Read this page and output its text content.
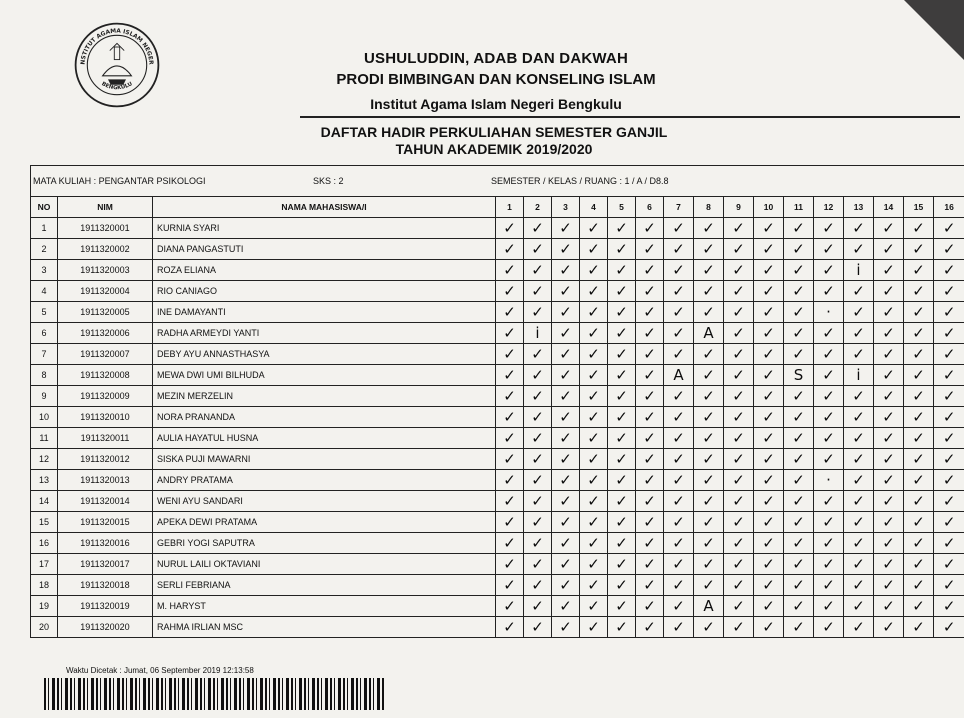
NSTITUT AGAMA ISLAM NEGER
BENGKULU
USHULUDDIN, ADAB DAN DAKWAH
PRODI BIMBINGAN DAN KONSELING ISLAM
Institut Agama Islam Negeri Bengkulu
DAFTAR HADIR PERKULIAHAN SEMESTER GANJIL
TAHUN AKADEMIK 2019/2020
MATA KULIAH : PENGANTAR PSIKOLOGI SKS : 2 SEMESTER / KELAS / RUANG : 1 / A / D8.8																		

NO	NIM	NAMA MAHASISWA/I	1	2	3	4	5	6	7	8	9	10	11	12	13	14	15	16
1	1911320001	KURNIA SYARI	✓	✓	✓	✓	✓	✓	✓	✓	✓	✓	✓	✓	✓	✓	✓	✓
2	1911320002	DIANA PANGASTUTI	✓	✓	✓	✓	✓	✓	✓	✓	✓	✓	✓	✓	✓	✓	✓	✓
3	1911320003	ROZA ELIANA	✓	✓	✓	✓	✓	✓	✓	✓	✓	✓	✓	✓	i	✓	✓	✓
4	1911320004	RIO CANIAGO	✓	✓	✓	✓	✓	✓	✓	✓	✓	✓	✓	✓	✓	✓	✓	✓
5	1911320005	INE DAMAYANTI	✓	✓	✓	✓	✓	✓	✓	✓	✓	✓	✓	·	✓	✓	✓	✓
6	1911320006	RADHA ARMEYDI YANTI	✓	i	✓	✓	✓	✓	✓	A	✓	✓	✓	✓	✓	✓	✓	✓
7	1911320007	DEBY AYU ANNASTHASYA	✓	✓	✓	✓	✓	✓	✓	✓	✓	✓	✓	✓	✓	✓	✓	✓
8	1911320008	MEWA DWI UMI BILHUDA	✓	✓	✓	✓	✓	✓	A	✓	✓	✓	S	✓	i	✓	✓	✓
9	1911320009	MEZIN MERZELIN	✓	✓	✓	✓	✓	✓	✓	✓	✓	✓	✓	✓	✓	✓	✓	✓
10	1911320010	NORA PRANANDA	✓	✓	✓	✓	✓	✓	✓	✓	✓	✓	✓	✓	✓	✓	✓	✓
11	1911320011	AULIA HAYATUL HUSNA	✓	✓	✓	✓	✓	✓	✓	✓	✓	✓	✓	✓	✓	✓	✓	✓
12	1911320012	SISKA PUJI MAWARNI	✓	✓	✓	✓	✓	✓	✓	✓	✓	✓	✓	✓	✓	✓	✓	✓
13	1911320013	ANDRY PRATAMA	✓	✓	✓	✓	✓	✓	✓	✓	✓	✓	✓	·	✓	✓	✓	✓
14	1911320014	WENI AYU SANDARI	✓	✓	✓	✓	✓	✓	✓	✓	✓	✓	✓	✓	✓	✓	✓	✓
15	1911320015	APEKA DEWI PRATAMA	✓	✓	✓	✓	✓	✓	✓	✓	✓	✓	✓	✓	✓	✓	✓	✓
16	1911320016	GEBRI YOGI SAPUTRA	✓	✓	✓	✓	✓	✓	✓	✓	✓	✓	✓	✓	✓	✓	✓	✓
17	1911320017	NURUL LAILI OKTAVIANI	✓	✓	✓	✓	✓	✓	✓	✓	✓	✓	✓	✓	✓	✓	✓	✓
18	1911320018	SERLI FEBRIANA	✓	✓	✓	✓	✓	✓	✓	✓	✓	✓	✓	✓	✓	✓	✓	✓
19	1911320019	M. HARYST	✓	✓	✓	✓	✓	✓	✓	A	✓	✓	✓	✓	✓	✓	✓	✓
20	1911320020	RAHMA IRLIAN MSC	✓	✓	✓	✓	✓	✓	✓	✓	✓	✓	✓	✓	✓	✓	✓	✓
Waktu Dicetak : Jumat, 06 September 2019 12:13:58
